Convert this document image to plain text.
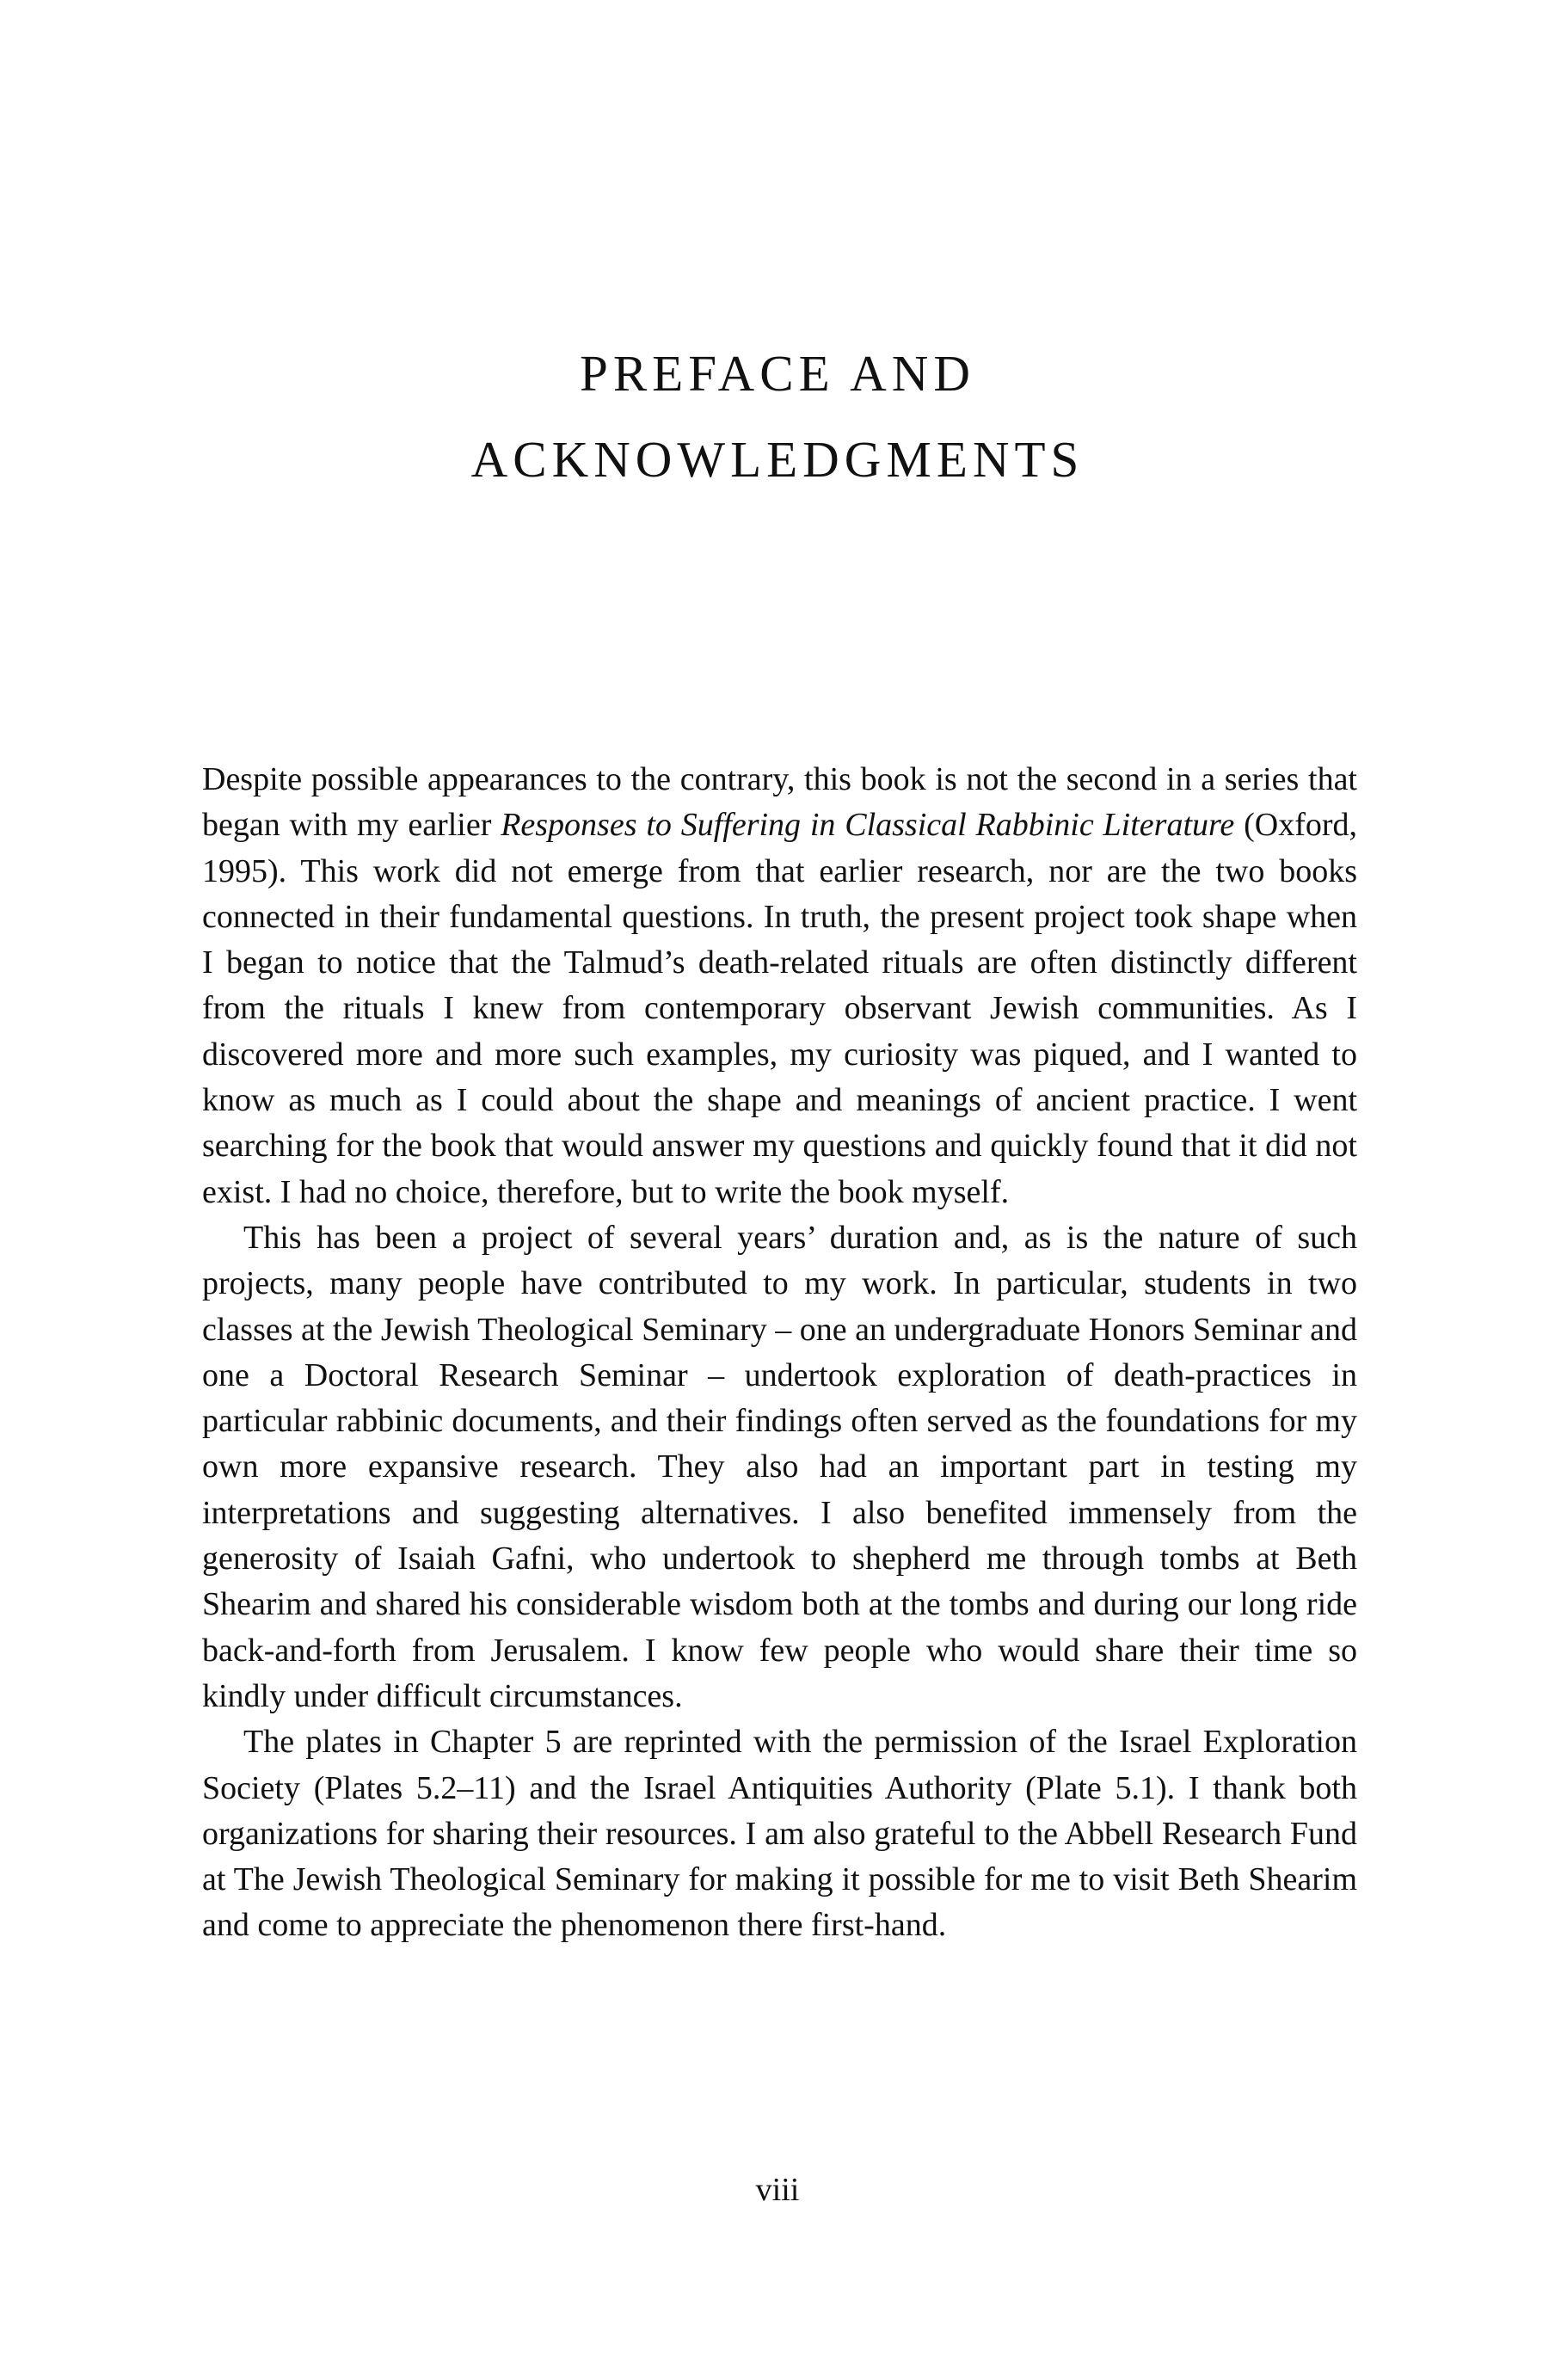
PREFACE AND
ACKNOWLEDGMENTS

Despite possible appearances to the contrary, this book is not the second in a series that began with my earlier Responses to Suffering in Classical Rabbinic Literature (Oxford, 1995). This work did not emerge from that earlier research, nor are the two books connected in their fundamental questions. In truth, the present project took shape when I began to notice that the Talmud’s death-related rituals are often distinctly different from the rituals I knew from contemporary observant Jewish communities. As I discovered more and more such examples, my curiosity was piqued, and I wanted to know as much as I could about the shape and meanings of ancient practice. I went searching for the book that would answer my questions and quickly found that it did not exist. I had no choice, therefore, but to write the book myself.

This has been a project of several years’ duration and, as is the nature of such projects, many people have contributed to my work. In particular, students in two classes at the Jewish Theological Seminary – one an undergraduate Honors Seminar and one a Doctoral Research Seminar – undertook exploration of death-practices in particular rabbinic documents, and their findings often served as the foundations for my own more expansive research. They also had an important part in testing my interpretations and suggesting alternatives. I also benefited immensely from the generosity of Isaiah Gafni, who undertook to shepherd me through tombs at Beth Shearim and shared his considerable wisdom both at the tombs and during our long ride back-and-forth from Jerusalem. I know few people who would share their time so kindly under difficult circumstances.

The plates in Chapter 5 are reprinted with the permission of the Israel Exploration Society (Plates 5.2–11) and the Israel Antiquities Authority (Plate 5.1). I thank both organizations for sharing their resources. I am also grateful to the Abbell Research Fund at The Jewish Theological Seminary for making it possible for me to visit Beth Shearim and come to appreciate the phenomenon there first-hand.

viii
